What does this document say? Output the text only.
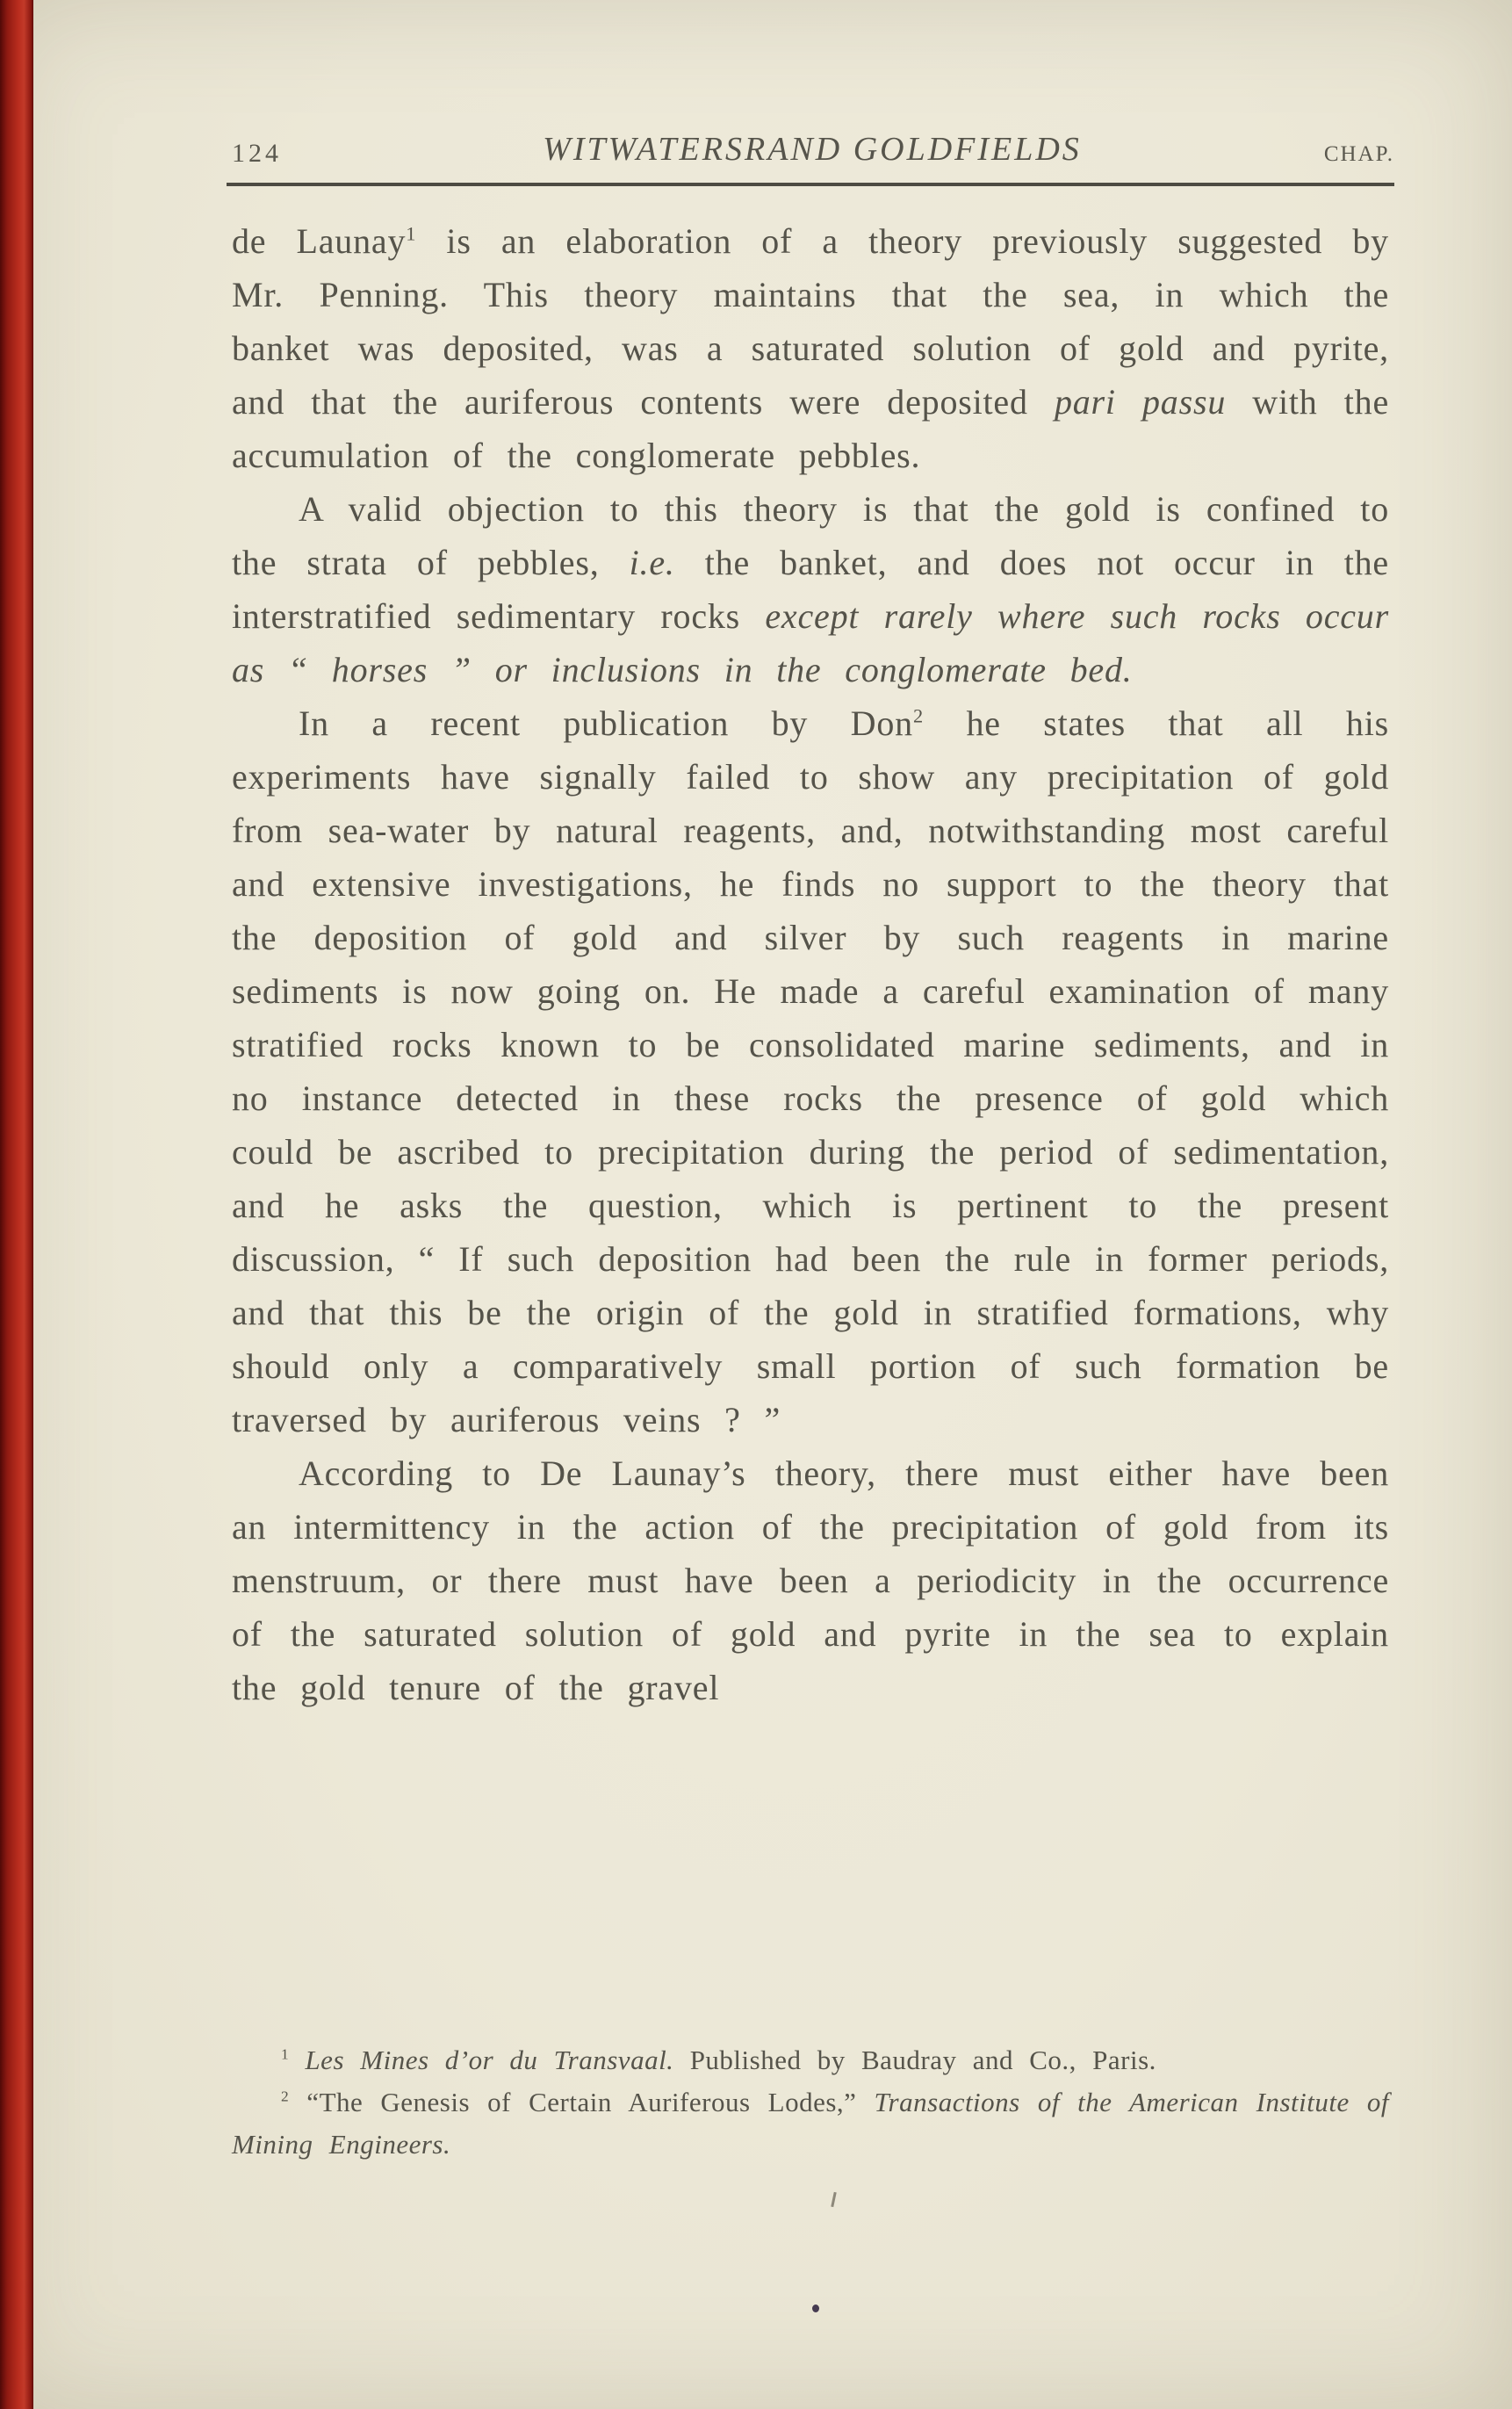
124	WITWATERSRAND GOLDFIELDS	CHAP.

de Launay$^1$ is an elaboration of a theory previously suggested by Mr. Penning. This theory maintains that the sea, in which the banket was deposited, was a saturated solution of gold and pyrite, and that the auriferous contents were deposited pari passu with the accumulation of the conglomerate pebbles.

A valid objection to this theory is that the gold is confined to the strata of pebbles, i.e. the banket, and does not occur in the interstratified sedimentary rocks except rarely where such rocks occur as “ horses ” or inclusions in the conglomerate bed.

In a recent publication by Don$^2$ he states that all his experiments have signally failed to show any precipitation of gold from sea-water by natural reagents, and, notwithstanding most careful and extensive investigations, he finds no support to the theory that the deposition of gold and silver by such reagents in marine sediments is now going on. He made a careful examination of many stratified rocks known to be consolidated marine sediments, and in no instance detected in these rocks the presence of gold which could be ascribed to precipitation during the period of sedimentation, and he asks the question, which is pertinent to the present discussion, “ If such deposition had been the rule in former periods, and that this be the origin of the gold in stratified formations, why should only a comparatively small portion of such formation be traversed by auriferous veins ? ”

According to De Launay’s theory, there must either have been an intermittency in the action of the precipitation of gold from its menstruum, or there must have been a periodicity in the occurrence of the saturated solution of gold and pyrite in the sea to explain the gold tenure of the gravel

$^1$ Les Mines d’or du Transvaal. Published by Baudray and Co., Paris.

$^2$ “The Genesis of Certain Auriferous Lodes,” Transactions of the American Institute of Mining Engineers.
